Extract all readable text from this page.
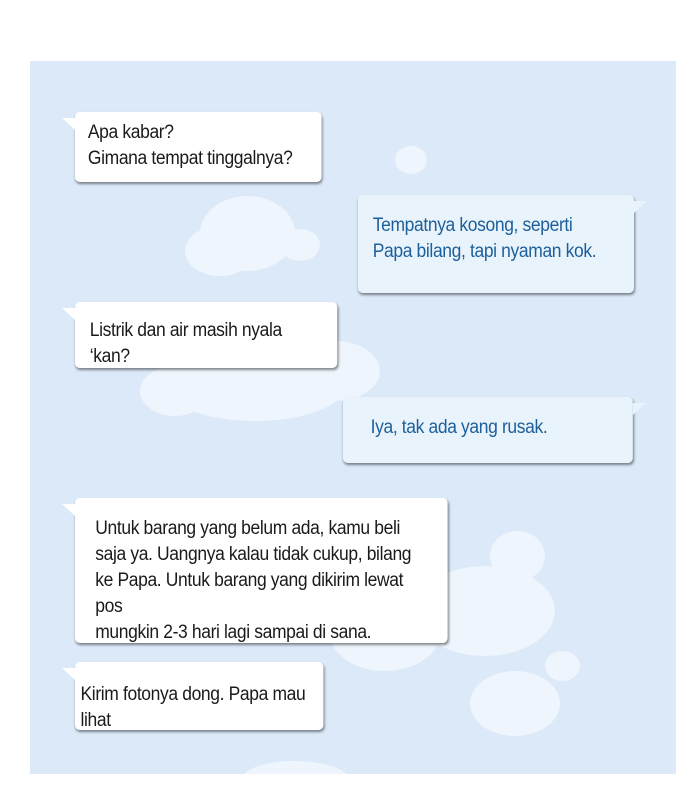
Apa kabar?
Gimana tempat tinggalnya?

Tempatnya kosong, seperti
Papa bilang, tapi nyaman kok.

Listrik dan air masih nyala ‘kan?

Iya, tak ada yang rusak.

Untuk barang yang belum ada, kamu beli
saja ya. Uangnya kalau tidak cukup, bilang
ke Papa. Untuk barang yang dikirim lewat pos
mungkin 2-3 hari lagi sampai di sana.

Kirim fotonya dong. Papa mau lihat
